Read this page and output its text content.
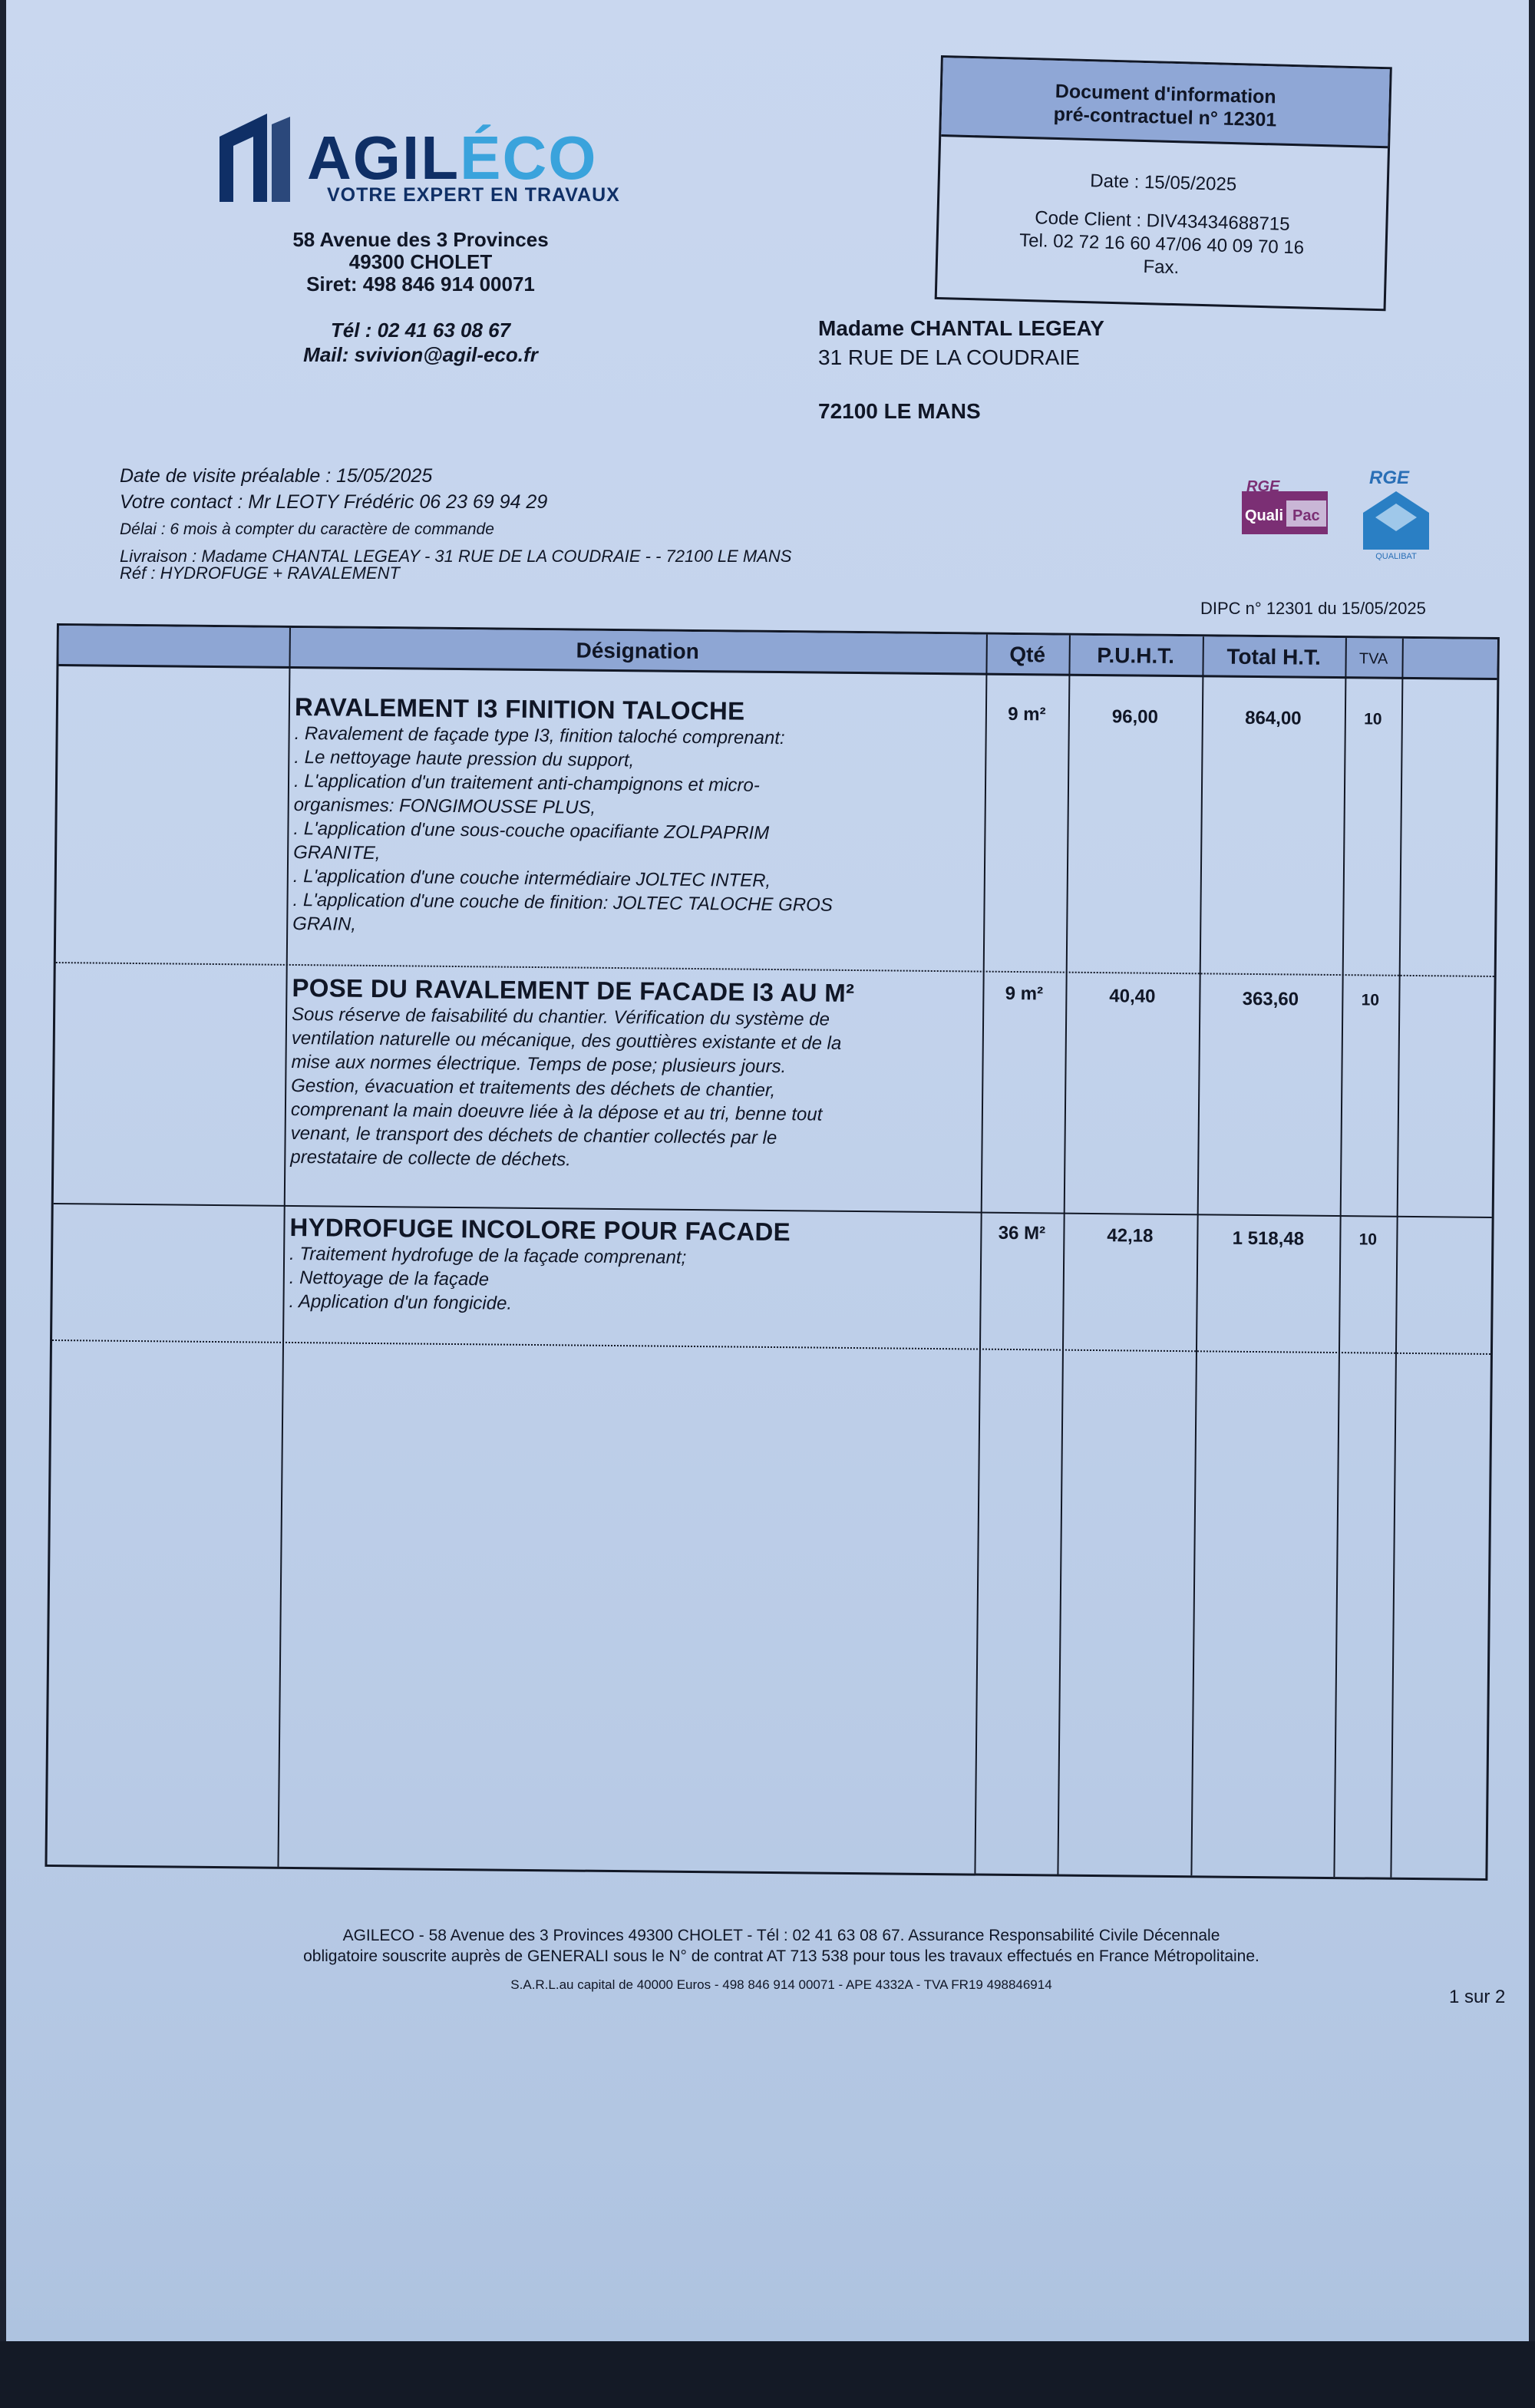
AGILÉCO
VOTRE EXPERT EN TRAVAUX
58 Avenue des 3 Provinces
49300 CHOLET
Siret: 498 846 914 00071
Tél : 02 41 63 08 67
Mail: svivion@agil-eco.fr
Document d'information
pré-contractuel n° 12301
Date : 15/05/2025
Code Client : DIV43434688715
Tel. 02 72 16 60 47/06 40 09 70 16
Fax.
Madame CHANTAL LEGEAY
31 RUE DE LA COUDRAIE
72100 LE MANS
Date de visite préalable : 15/05/2025
Votre contact : Mr LEOTY Frédéric 06 23 69 94 29
Délai : 6 mois à compter du caractère de commande
Livraison : Madame CHANTAL LEGEAY - 31 RUE DE LA COUDRAIE - - 72100 LE MANS
Réf : HYDROFUGE + RAVALEMENT
RGE
Quali Pac
RGE
QUALIBAT
DIPC n° 12301 du 15/05/2025
Désignation	Qté	P.U.H.T.	Total H.T.	TVA
RAVALEMENT I3 FINITION TALOCHE
. Ravalement de façade type I3, finition taloché comprenant:
. Le nettoyage haute pression du support,
. L'application d'un traitement anti-champignons et micro-
organismes: FONGIMOUSSE PLUS,
. L'application d'une sous-couche opacifiante ZOLPAPRIM
GRANITE,
. L'application d'une couche intermédiaire JOLTEC INTER,
. L'application d'une couche de finition: JOLTEC TALOCHE GROS
GRAIN,
9 m²	96,00	864,00	10
POSE DU RAVALEMENT DE FACADE I3 AU M²
Sous réserve de faisabilité du chantier. Vérification du système de
ventilation naturelle ou mécanique, des gouttières existante et de la
mise aux normes électrique. Temps de pose; plusieurs jours.
Gestion, évacuation et traitements des déchets de chantier,
comprenant la main doeuvre liée à la dépose et au tri, benne tout
venant, le transport des déchets de chantier collectés par le
prestataire de collecte de déchets.
9 m²	40,40	363,60	10
HYDROFUGE INCOLORE POUR FACADE
. Traitement hydrofuge de la façade comprenant;
. Nettoyage de la façade
. Application d'un fongicide.
36 M²	42,18	1 518,48	10
AGILECO - 58 Avenue des 3 Provinces 49300 CHOLET - Tél : 02 41 63 08 67. Assurance Responsabilité Civile Décennale
obligatoire souscrite auprès de GENERALI sous le N° de contrat AT 713 538 pour tous les travaux effectués en France Métropolitaine.
S.A.R.L.au capital de 40000 Euros - 498 846 914 00071 - APE 4332A - TVA FR19 498846914
1 sur 2
